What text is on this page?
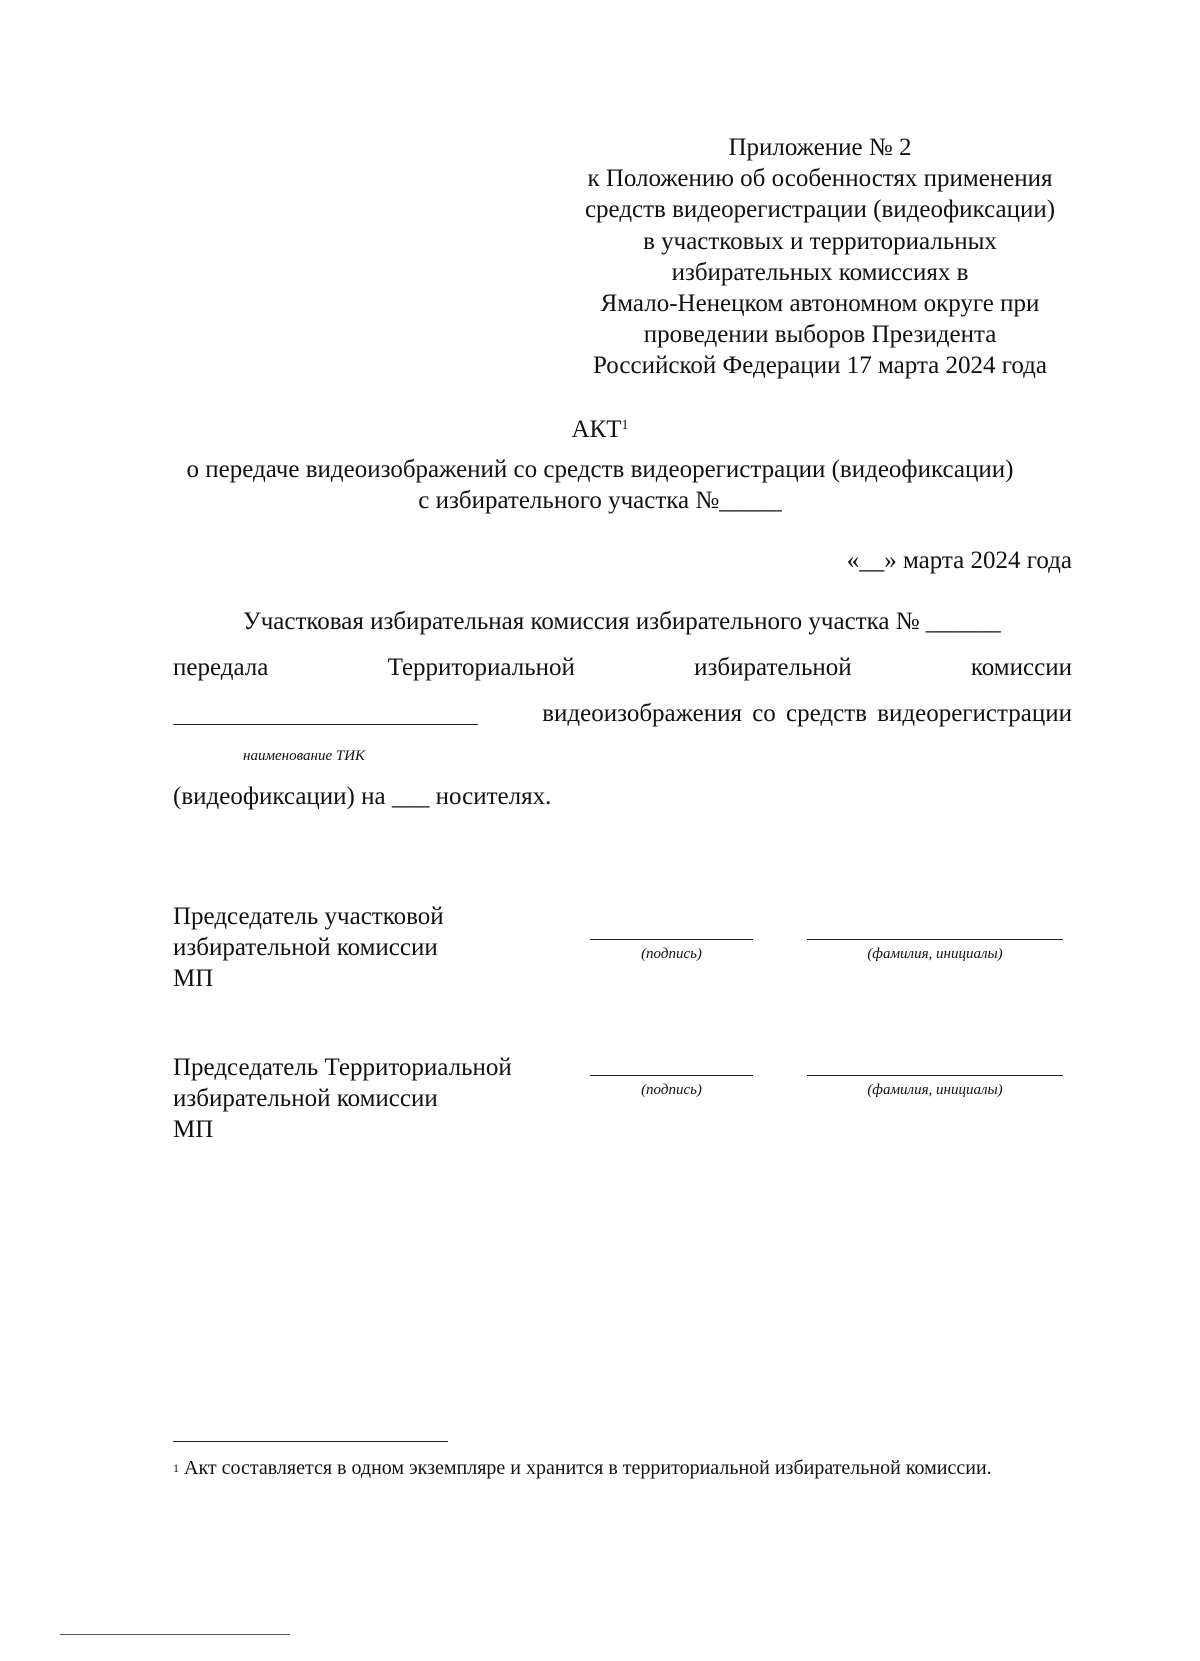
Приложение № 2
к Положению об особенностях применения
средств видеорегистрации (видеофиксации)
в участковых и территориальных
избирательных комиссиях в
Ямало-Ненецком автономном округе при
проведении выборов Президента
Российской Федерации 17 марта 2024 года
АКТ$^1$
о передаче видеоизображений со средств видеорегистрации (видеофиксации)
с избирательного участка №_____
«__» марта 2024 года
Участковая избирательная комиссия избирательного участка № ______
передала	Территориальной	избирательной	комиссии
видеоизображения со средств видеорегистрации
наименование ТИК
(видеофиксации) на ___ носителях.
Председатель участковой
избирательной комиссии
МП
(подпись)	(фамилия, инициалы)
Председатель Территориальной
избирательной комиссии
МП
(подпись)	(фамилия, инициалы)
$^1$ Акт составляется в одном экземпляре и хранится в территориальной избирательной комиссии.
